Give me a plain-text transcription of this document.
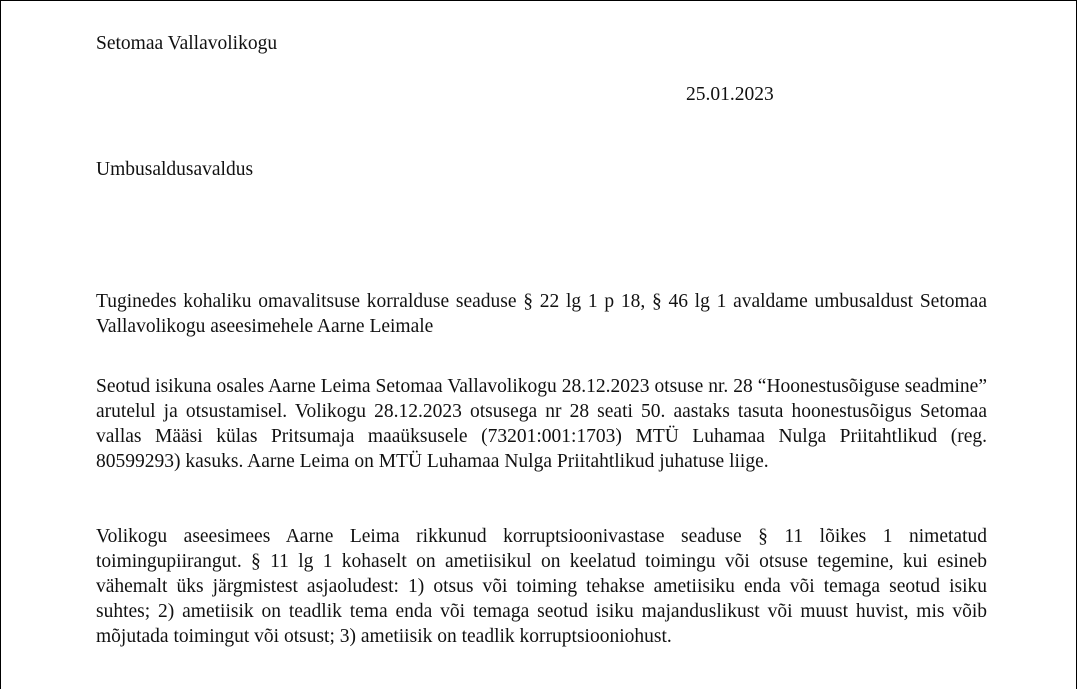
Setomaa Vallavolikogu

25.01.2023

Umbusaldusavaldus

Tuginedes kohaliku omavalitsuse korralduse seaduse § 22 lg 1 p 18, § 46 lg 1 avaldame umbusaldust Setomaa Vallavolikogu aseesimehele Aarne Leimale

Seotud isikuna osales Aarne Leima Setomaa Vallavolikogu 28.12.2023 otsuse nr. 28 “Hoonestusõiguse seadmine” arutelul ja otsustamisel. Volikogu 28.12.2023 otsusega nr 28 seati 50. aastaks tasuta hoonestusõigus Setomaa vallas Määsi külas Pritsumaja maaüksusele (73201:001:1703) MTÜ Luhamaa Nulga Priitahtlikud (reg. 80599293) kasuks. Aarne Leima on MTÜ Luhamaa Nulga Priitahtlikud juhatuse liige.

Volikogu aseesimees Aarne Leima rikkunud korruptsioonivastase seaduse § 11 lõikes 1 nimetatud toimingupiirangut. § 11 lg 1 kohaselt on ametiisikul on keelatud toimingu või otsuse tegemine, kui esineb vähemalt üks järgmistest asjaoludest: 1) otsus või toiming tehakse ametiisiku enda või temaga seotud isiku suhtes; 2) ametiisik on teadlik tema enda või temaga seotud isiku majanduslikust või muust huvist, mis võib mõjutada toimingut või otsust; 3) ametiisik on teadlik korruptsiooniohust.
